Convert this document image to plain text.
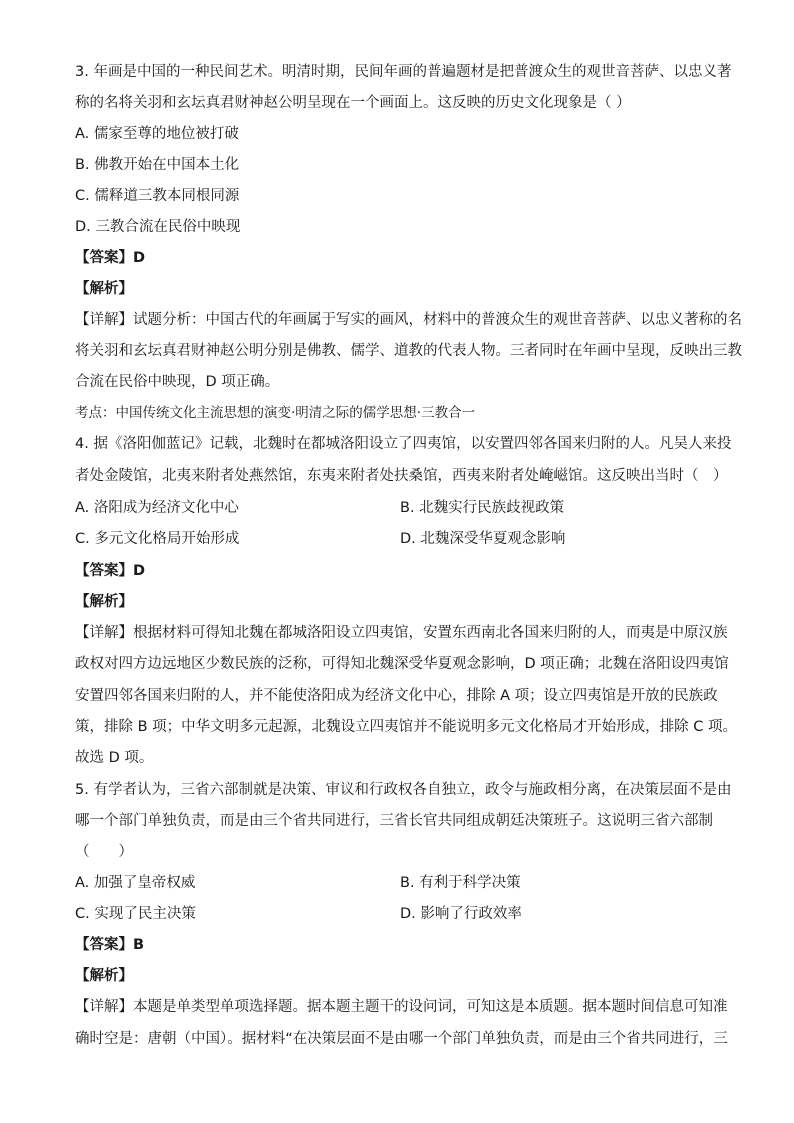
3. 年画是中国的一种民间艺术。明清时期，民间年画的普遍题材是把普渡众生的观世音菩萨、以忠义著
称的名将关羽和玄坛真君财神赵公明呈现在一个画面上。这反映的历史文化现象是（ ）
A. 儒家至尊的地位被打破
B. 佛教开始在中国本土化
C. 儒释道三教本同根同源
D. 三教合流在民俗中映现
【答案】D
【解析】
【详解】试题分析：中国古代的年画属于写实的画风，材料中的普渡众生的观世音菩萨、以忠义著称的名
将关羽和玄坛真君财神赵公明分别是佛教、儒学、道教的代表人物。三者同时在年画中呈现，反映出三教
合流在民俗中映现，D 项正确。
考点：中国传统文化主流思想的演变·明清之际的儒学思想·三教合一
4. 据《洛阳伽蓝记》记载，北魏时在都城洛阳设立了四夷馆，以安置四邻各国来归附的人。凡吴人来投
者处金陵馆，北夷来附者处燕然馆，东夷来附者处扶桑馆，西夷来附者处崦嵫馆。这反映出当时（　）
A. 洛阳成为经济文化中心	B. 北魏实行民族歧视政策
C. 多元文化格局开始形成	D. 北魏深受华夏观念影响
【答案】D
【解析】
【详解】根据材料可得知北魏在都城洛阳设立四夷馆，安置东西南北各国来归附的人，而夷是中原汉族
政权对四方边远地区少数民族的泛称，可得知北魏深受华夏观念影响，D 项正确；北魏在洛阳设四夷馆
安置四邻各国来归附的人，并不能使洛阳成为经济文化中心，排除 A 项；设立四夷馆是开放的民族政
策，排除 B 项；中华文明多元起源，北魏设立四夷馆并不能说明多元文化格局才开始形成，排除 C 项。
故选 D 项。
5. 有学者认为，三省六部制就是决策、审议和行政权各自独立，政令与施政相分离，在决策层面不是由
哪一个部门单独负责，而是由三个省共同进行，三省长官共同组成朝廷决策班子。这说明三省六部制
（　　）
A. 加强了皇帝权威	B. 有利于科学决策
C. 实现了民主决策	D. 影响了行政效率
【答案】B
【解析】
【详解】本题是单类型单项选择题。据本题主题干的设问词，可知这是本质题。据本题时间信息可知准
确时空是：唐朝（中国）。据材料“在决策层面不是由哪一个部门单独负责，而是由三个省共同进行，三
